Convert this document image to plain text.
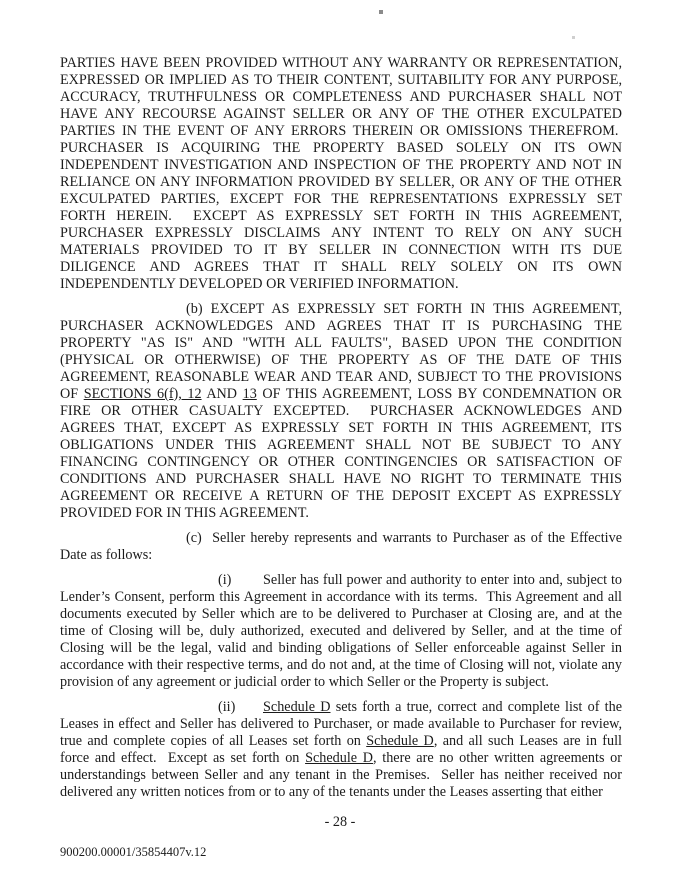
PARTIES HAVE BEEN PROVIDED WITHOUT ANY WARRANTY OR REPRESENTATION, EXPRESSED OR IMPLIED AS TO THEIR CONTENT, SUITABILITY FOR ANY PURPOSE, ACCURACY, TRUTHFULNESS OR COMPLETENESS AND PURCHASER SHALL NOT HAVE ANY RECOURSE AGAINST SELLER OR ANY OF THE OTHER EXCULPATED PARTIES IN THE EVENT OF ANY ERRORS THEREIN OR OMISSIONS THEREFROM.  PURCHASER IS ACQUIRING THE PROPERTY BASED SOLELY ON ITS OWN INDEPENDENT INVESTIGATION AND INSPECTION OF THE PROPERTY AND NOT IN RELIANCE ON ANY INFORMATION PROVIDED BY SELLER, OR ANY OF THE OTHER EXCULPATED PARTIES, EXCEPT FOR THE REPRESENTATIONS EXPRESSLY SET FORTH HEREIN.  EXCEPT AS EXPRESSLY SET FORTH IN THIS AGREEMENT, PURCHASER EXPRESSLY DISCLAIMS ANY INTENT TO RELY ON ANY SUCH MATERIALS PROVIDED TO IT BY SELLER IN CONNECTION WITH ITS DUE DILIGENCE AND AGREES THAT IT SHALL RELY SOLELY ON ITS OWN INDEPENDENTLY DEVELOPED OR VERIFIED INFORMATION.

(b) EXCEPT AS EXPRESSLY SET FORTH IN THIS AGREEMENT, PURCHASER ACKNOWLEDGES AND AGREES THAT IT IS PURCHASING THE PROPERTY "AS IS" AND "WITH ALL FAULTS", BASED UPON THE CONDITION (PHYSICAL OR OTHERWISE) OF THE PROPERTY AS OF THE DATE OF THIS AGREEMENT, REASONABLE WEAR AND TEAR AND, SUBJECT TO THE PROVISIONS OF SECTIONS 6(f), 12 AND 13 OF THIS AGREEMENT, LOSS BY CONDEMNATION OR FIRE OR OTHER CASUALTY EXCEPTED.  PURCHASER ACKNOWLEDGES AND AGREES THAT, EXCEPT AS EXPRESSLY SET FORTH IN THIS AGREEMENT, ITS OBLIGATIONS UNDER THIS AGREEMENT SHALL NOT BE SUBJECT TO ANY FINANCING CONTINGENCY OR OTHER CONTINGENCIES OR SATISFACTION OF CONDITIONS AND PURCHASER SHALL HAVE NO RIGHT TO TERMINATE THIS AGREEMENT OR RECEIVE A RETURN OF THE DEPOSIT EXCEPT AS EXPRESSLY PROVIDED FOR IN THIS AGREEMENT.

(c)  Seller hereby represents and warrants to Purchaser as of the Effective Date as follows:

(i) Seller has full power and authority to enter into and, subject to Lender’s Consent, perform this Agreement in accordance with its terms.  This Agreement and all documents executed by Seller which are to be delivered to Purchaser at Closing are, and at the time of Closing will be, duly authorized, executed and delivered by Seller, and at the time of Closing will be the legal, valid and binding obligations of Seller enforceable against Seller in accordance with their respective terms, and do not and, at the time of Closing will not, violate any provision of any agreement or judicial order to which Seller or the Property is subject.

(ii) Schedule D sets forth a true, correct and complete list of the Leases in effect and Seller has delivered to Purchaser, or made available to Purchaser for review, true and complete copies of all Leases set forth on Schedule D, and all such Leases are in full force and effect.  Except as set forth on Schedule D, there are no other written agreements or understandings between Seller and any tenant in the Premises.  Seller has neither received nor delivered any written notices from or to any of the tenants under the Leases asserting that either

- 28 -
900200.00001/35854407v.12
